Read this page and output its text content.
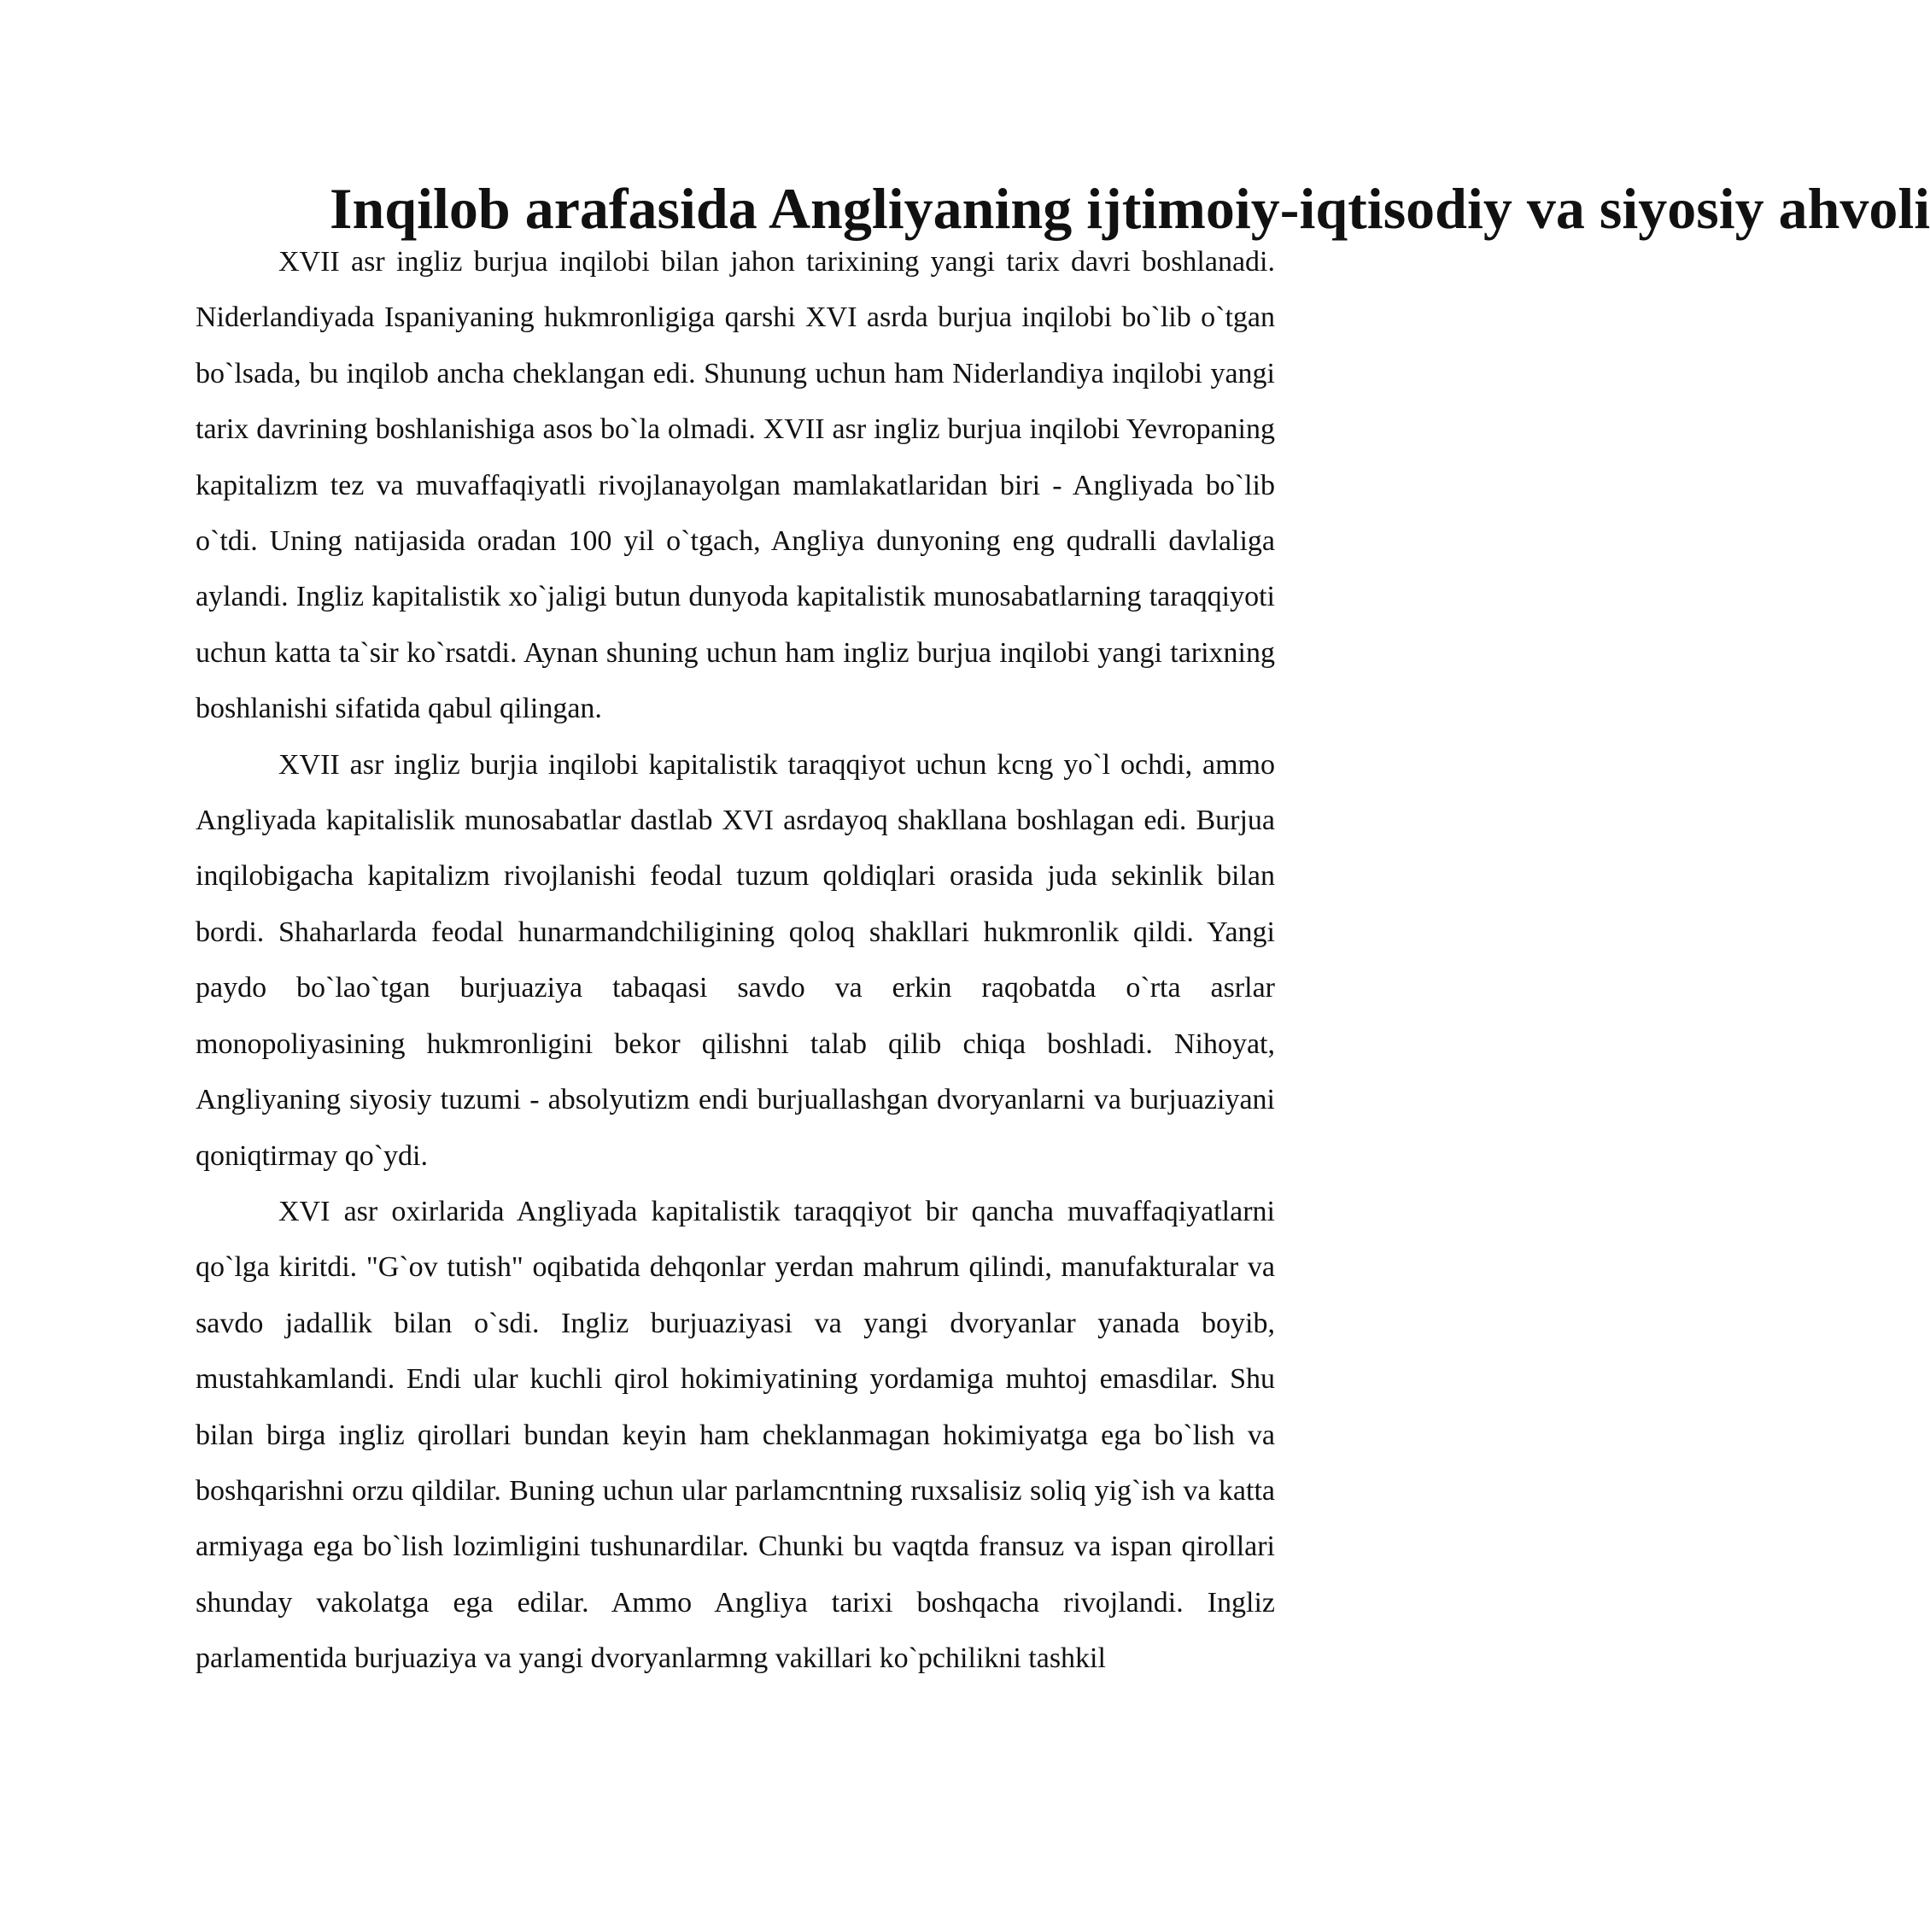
Inqilob arafasida Angliyaning ijtimoiy-iqtisodiy va siyosiy ahvoli

XVII asr ingliz burjua inqilobi bilan jahon tarixining yangi tarix davri boshlanadi. Niderlandiyada Ispaniyaning hukmronligiga qarshi XVI asrda burjua inqilobi bo`lib o`tgan bo`lsada, bu inqilob ancha cheklangan edi. Shunung uchun ham Niderlandiya inqilobi yangi tarix davrining boshlanishiga asos bo`la olmadi. XVII asr ingliz burjua inqilobi Yevropaning kapitalizm tez va muvaffaqiyatli rivojlanayolgan mamlakatlaridan biri - Angliyada bo`lib o`tdi. Uning natijasida oradan 100 yil o`tgach, Angliya dunyoning eng qudralli davlaliga aylandi. Ingliz kapitalistik xo`jaligi butun dunyoda kapitalistik munosabatlarning taraqqiyoti uchun katta ta`sir ko`rsatdi. Aynan shuning uchun ham ingliz burjua inqilobi yangi tarixning boshlanishi sifatida qabul qilingan.

XVII asr ingliz burjia inqilobi kapitalistik taraqqiyot uchun kcng yo`l ochdi, ammo Angliyada kapitalislik munosabatlar dastlab XVI asrdayoq shakllana boshlagan edi. Burjua inqilobigacha kapitalizm rivojlanishi feodal tuzum qoldiqlari orasida juda sekinlik bilan bordi. Shaharlarda feodal hunarmandchiligining qoloq shakllari hukmronlik qildi. Yangi paydo bo`lao`tgan burjuaziya tabaqasi savdo va erkin raqobatda o`rta asrlar monopoliyasining hukmronligini bekor qilishni talab qilib chiqa boshladi. Nihoyat, Angliyaning siyosiy tuzumi - absolyutizm endi burjuallashgan dvoryanlarni va burjuaziyani qoniqtirmay qo`ydi.

XVI asr oxirlarida Angliyada kapitalistik taraqqiyot bir qancha muvaffaqiyatlarni qo`lga kiritdi. "G`ov tutish" oqibatida dehqonlar yerdan mahrum qilindi, manufakturalar va savdo jadallik bilan o`sdi. Ingliz burjuaziyasi va yangi dvoryanlar yanada boyib, mustahkamlandi. Endi ular kuchli qirol hokimiyatining yordamiga muhtoj emasdilar. Shu bilan birga ingliz qirollari bundan keyin ham cheklanmagan hokimiyatga ega bo`lish va boshqarishni orzu qildilar. Buning uchun ular parlamcntning ruxsalisiz soliq yig`ish va katta armiyaga ega bo`lish lozimligini tushunardilar. Chunki bu vaqtda fransuz va ispan qirollari shunday vakolatga ega edilar. Ammo Angliya tarixi boshqacha rivojlandi. Ingliz parlamentida burjuaziya va yangi dvoryanlarmng vakillari ko`pchilikni tashkil
